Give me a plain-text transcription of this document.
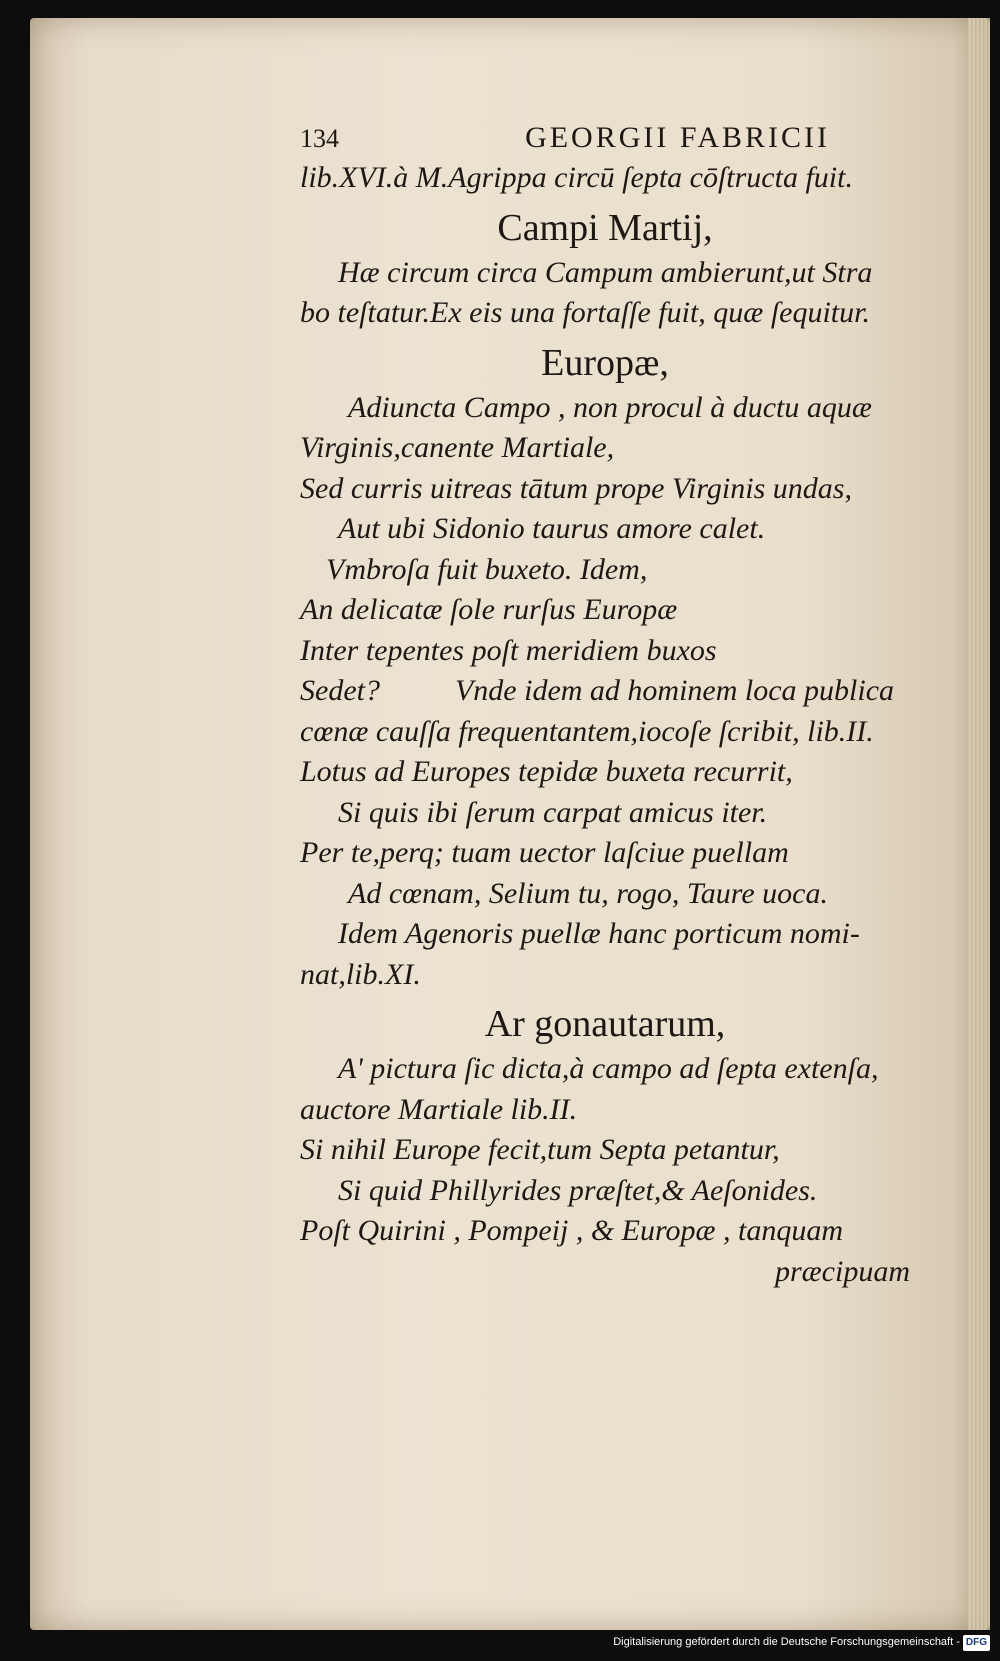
134	GEORGII FABRICII
lib.XVI.à M.Agrippa circū ſepta cōſtructa fuit.
Campi Martij,
Hæ circum circa Campum ambierunt,ut Stra
bo teſtatur.Ex eis una fortaſſe fuit, quæ ſequitur.
Europæ,
Adiuncta Campo , non procul à ductu aquæ
Virginis,canente Martiale,
Sed curris uitreas tātum prope Virginis undas,
Aut ubi Sidonio taurus amore calet.
Vmbroſa fuit buxeto. Idem,
An delicatæ ſole rurſus Europæ
Inter tepentes poſt meridiem buxos
Sedet?          Vnde idem ad hominem loca publica
cœnæ cauſſa frequentantem,iocoſe ſcribit, lib.II.
Lotus ad Europes tepidæ buxeta recurrit,
Si quis ibi ſerum carpat amicus iter.
Per te,perq; tuam uector laſciue puellam
Ad cœnam, Selium tu, rogo, Taure uoca.
Idem Agenoris puellæ hanc porticum nomi-
nat,lib.XI.
Ar gonautarum,
A' pictura ſic dicta,à campo ad ſepta extenſa,
auctore Martiale lib.II.
Si nihil Europe fecit,tum Septa petantur,
Si quid Phillyrides præſtet,& Aeſonides.
Poſt Quirini , Pompeij , & Europæ , tanquam
præcipuam
Digitalisierung gefördert durch die Deutsche Forschungsgemeinschaft - DFG
